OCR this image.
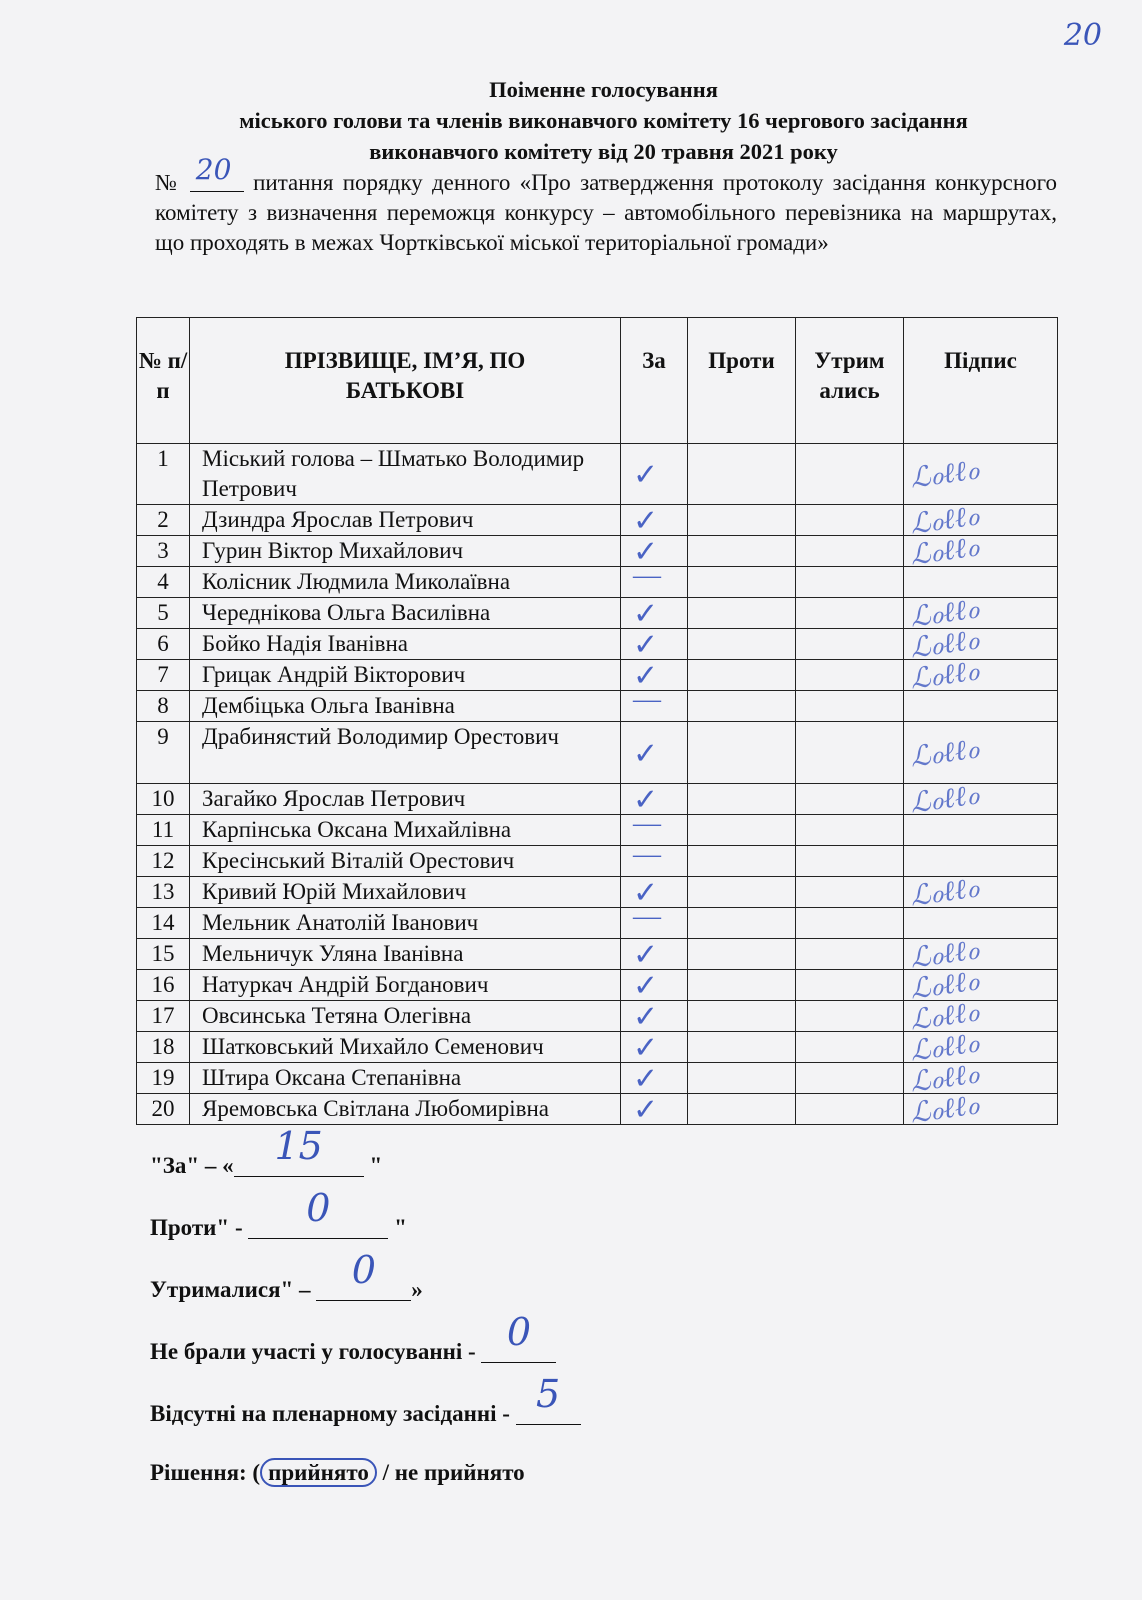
20
Поіменне голосування
міського голови та членів виконавчого комітету 16 чергового засідання
виконавчого комітету від 20 травня 2021 року
№ 20 питання порядку денного «Про затвердження протоколу засідання конкурсного комітету з визначення переможця конкурсу – автомобільного перевізника на маршрутах, що проходять в межах Чортківської міської територіальної громади»
№ п/п	ПРІЗВИЩЕ, ІМ’Я, ПО БАТЬКОВІ	За	Проти	Утрим ались	Підпис
1	Міський голова – Шматько Володимир Петрович	✓			ℒℴℓℓℴ

2	Дзиндра Ярослав Петрович	✓			ℒℴℓℓℴ

3	Гурин Віктор Михайлович	✓			ℒℴℓℓℴ

4	Колісник Людмила Миколаївна	—			

5	Череднікова Ольга Василівна	✓			ℒℴℓℓℴ

6	Бойко Надія Іванівна	✓			ℒℴℓℓℴ

7	Грицак Андрій Вікторович	✓			ℒℴℓℓℴ

8	Дембіцька Ольга Іванівна	—			

9	Драбинястий Володимир Орестович	✓			ℒℴℓℓℴ

10	Загайко Ярослав Петрович	✓			ℒℴℓℓℴ

11	Карпінська Оксана Михайлівна	—			

12	Кресінський Віталій Орестович	—			

13	Кривий Юрій Михайлович	✓			ℒℴℓℓℴ

14	Мельник Анатолій Іванович	—			

15	Мельничук Уляна Іванівна	✓			ℒℴℓℓℴ

16	Натуркач Андрій Богданович	✓			ℒℴℓℓℴ

17	Овсинська Тетяна Олегівна	✓			ℒℴℓℓℴ

18	Шатковський Михайло Семенович	✓			ℒℴℓℓℴ

19	Штира Оксана Степанівна	✓			ℒℴℓℓℴ

20	Яремовська Світлана Любомирівна	✓			ℒℴℓℓℴ
"За" – «	15	"
Проти" -	0	"
Утрималися" – 0	»
Не брали участі у голосуванні - 0
Відсутні на пленарному засіданні - 5
Рішення: ( прийнято / не прийнято
